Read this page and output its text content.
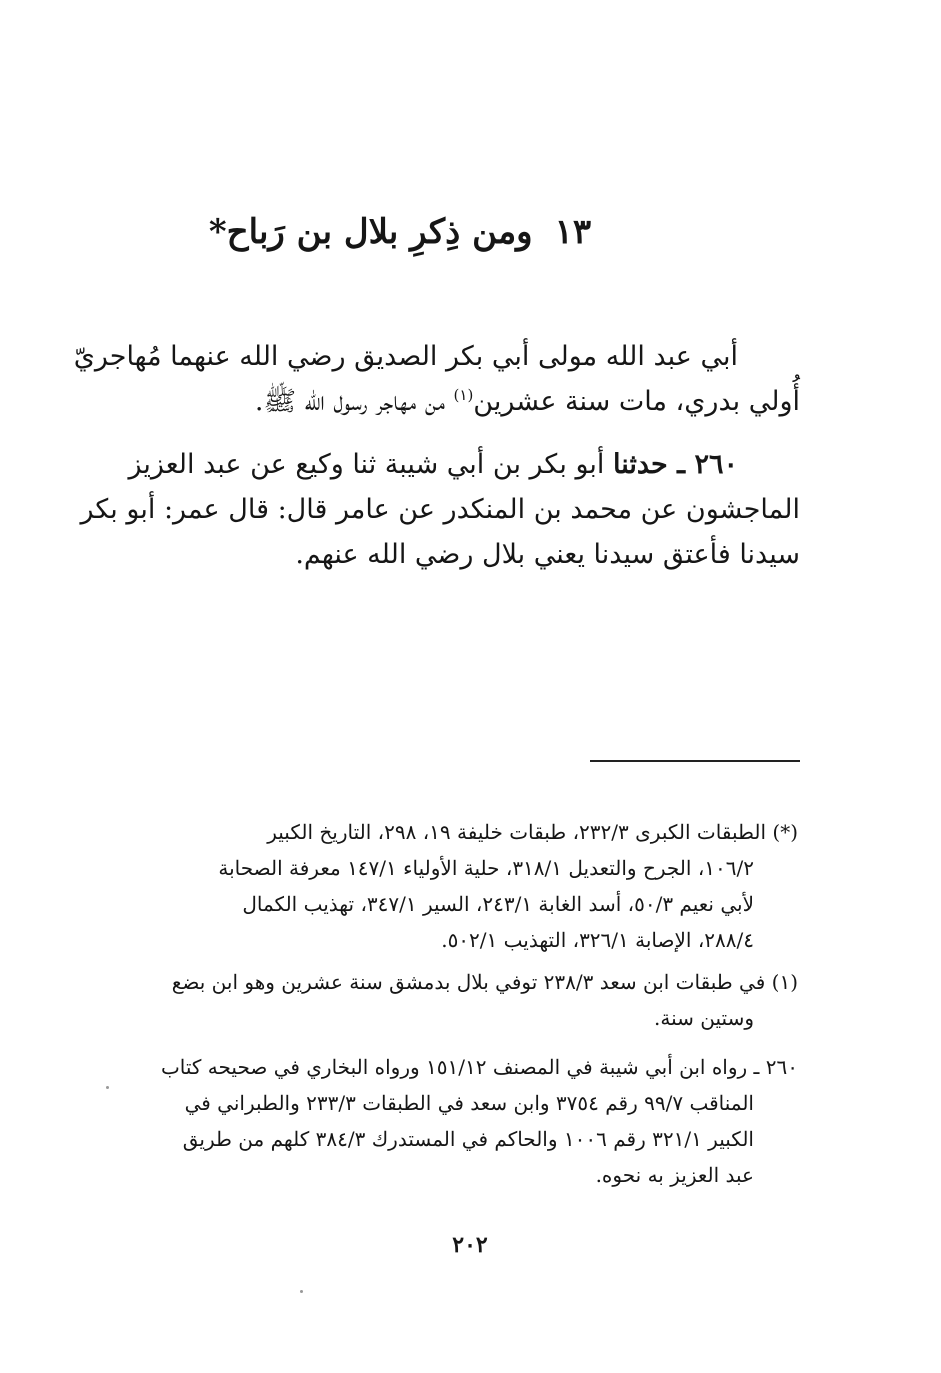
١٣ومن ذِكرِ بلال بن رَباح*
أبي عبد الله مولى أبي بكر الصديق رضي الله عنهما مُهاجريّ
أُولي بدري، مات سنة عشرين$^{(١)}$ من مهاجر رسول الله ﷺ.
٢٦٠ ـ حدثنا أبو بكر بن أبي شيبة ثنا وكيع عن عبد العزيز
الماجشون عن محمد بن المنكدر عن عامر قال: قال عمر: أبو بكر
سيدنا فأعتق سيدنا يعني بلال رضي الله عنهم.
(*) الطبقات الكبرى ٢٣٢/٣، طبقات خليفة ١٩، ٢٩٨، التاريخ الكبير
١٠٦/٢، الجرح والتعديل ٣١٨/١، حلية الأولياء ١٤٧/١ معرفة الصحابة
لأبي نعيم ٥٠/٣، أسد الغابة ٢٤٣/١، السير ٣٤٧/١، تهذيب الكمال
٢٨٨/٤، الإصابة ٣٢٦/١، التهذيب ٥٠٢/١.
(١) في طبقات ابن سعد ٢٣٨/٣ توفي بلال بدمشق سنة عشرين وهو ابن بضع
وستين سنة.
٢٦٠ ـ رواه ابن أبي شيبة في المصنف ١٥١/١٢ ورواه البخاري في صحيحه كتاب
المناقب ٩٩/٧ رقم ٣٧٥٤ وابن سعد في الطبقات ٢٣٣/٣ والطبراني في
الكبير ٣٢١/١ رقم ١٠٠٦ والحاكم في المستدرك ٣٨٤/٣ كلهم من طريق
عبد العزيز به نحوه.
٢٠٢
